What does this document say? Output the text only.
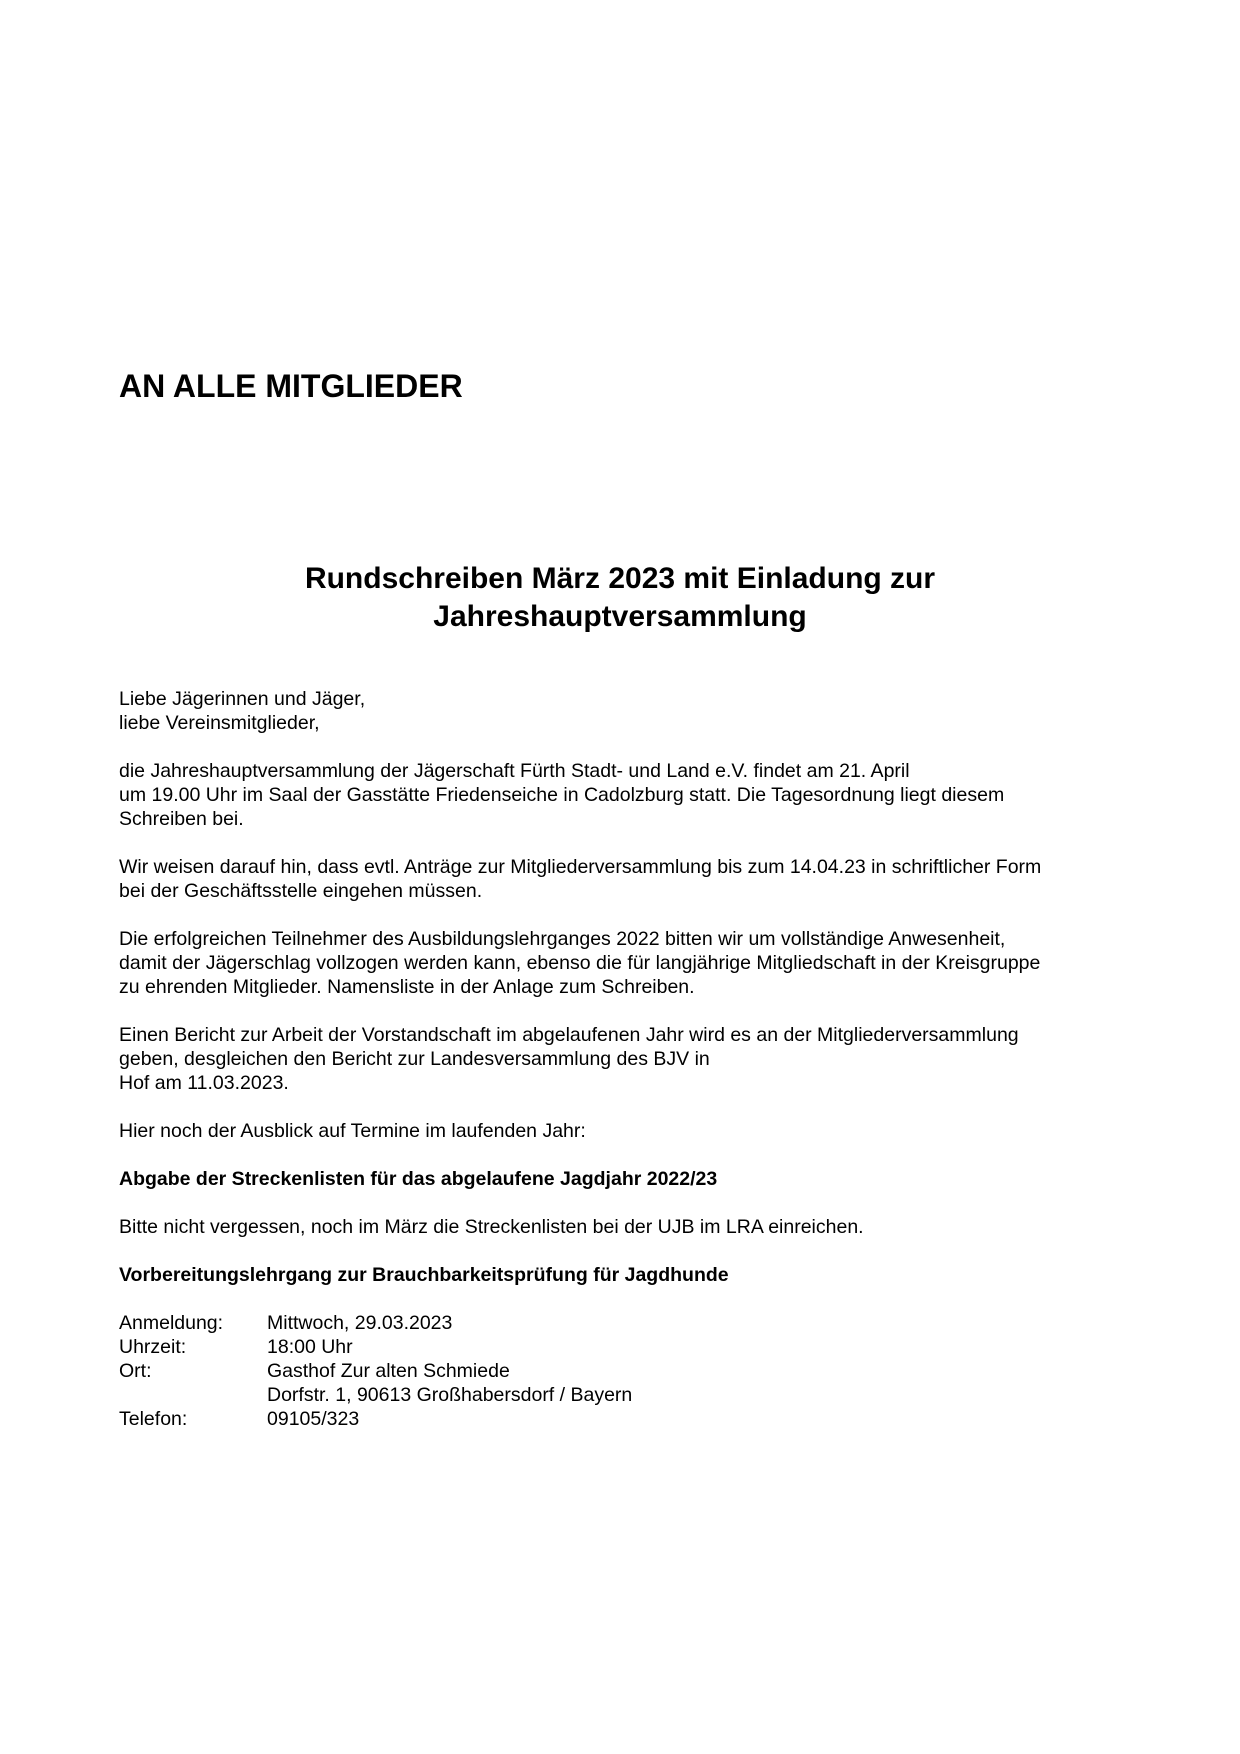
AN ALLE MITGLIEDER
Rundschreiben März 2023 mit Einladung zur
Jahreshauptversammlung

Liebe Jägerinnen und Jäger,
liebe Vereinsmitglieder,

die Jahreshauptversammlung der Jägerschaft Fürth Stadt- und Land e.V. findet am 21. April
um 19.00 Uhr im Saal der Gasstätte Friedenseiche in Cadolzburg statt. Die Tagesordnung liegt diesem
Schreiben bei.

Wir weisen darauf hin, dass evtl. Anträge zur Mitgliederversammlung bis zum 14.04.23 in schriftlicher Form
bei der Geschäftsstelle eingehen müssen.

Die erfolgreichen Teilnehmer des Ausbildungslehrganges 2022 bitten wir um vollständige Anwesenheit,
damit der Jägerschlag vollzogen werden kann, ebenso die für langjährige Mitgliedschaft in der Kreisgruppe
zu ehrenden Mitglieder. Namensliste in der Anlage zum Schreiben.

Einen Bericht zur Arbeit der Vorstandschaft im abgelaufenen Jahr wird es an der Mitgliederversammlung
geben, desgleichen den Bericht zur Landesversammlung des BJV in
Hof am 11.03.2023.

Hier noch der Ausblick auf Termine im laufenden Jahr:

Abgabe der Streckenlisten für das abgelaufene Jagdjahr 2022/23

Bitte nicht vergessen, noch im März die Streckenlisten bei der UJB im LRA einreichen.

Vorbereitungslehrgang zur Brauchbarkeitsprüfung für Jagdhunde

Anmeldung:	Mittwoch, 29.03.2023
Uhrzeit:	18:00 Uhr
Ort:	Gasthof Zur alten Schmiede
	Dorfstr. 1, 90613 Großhabersdorf / Bayern
Telefon:	09105/323
